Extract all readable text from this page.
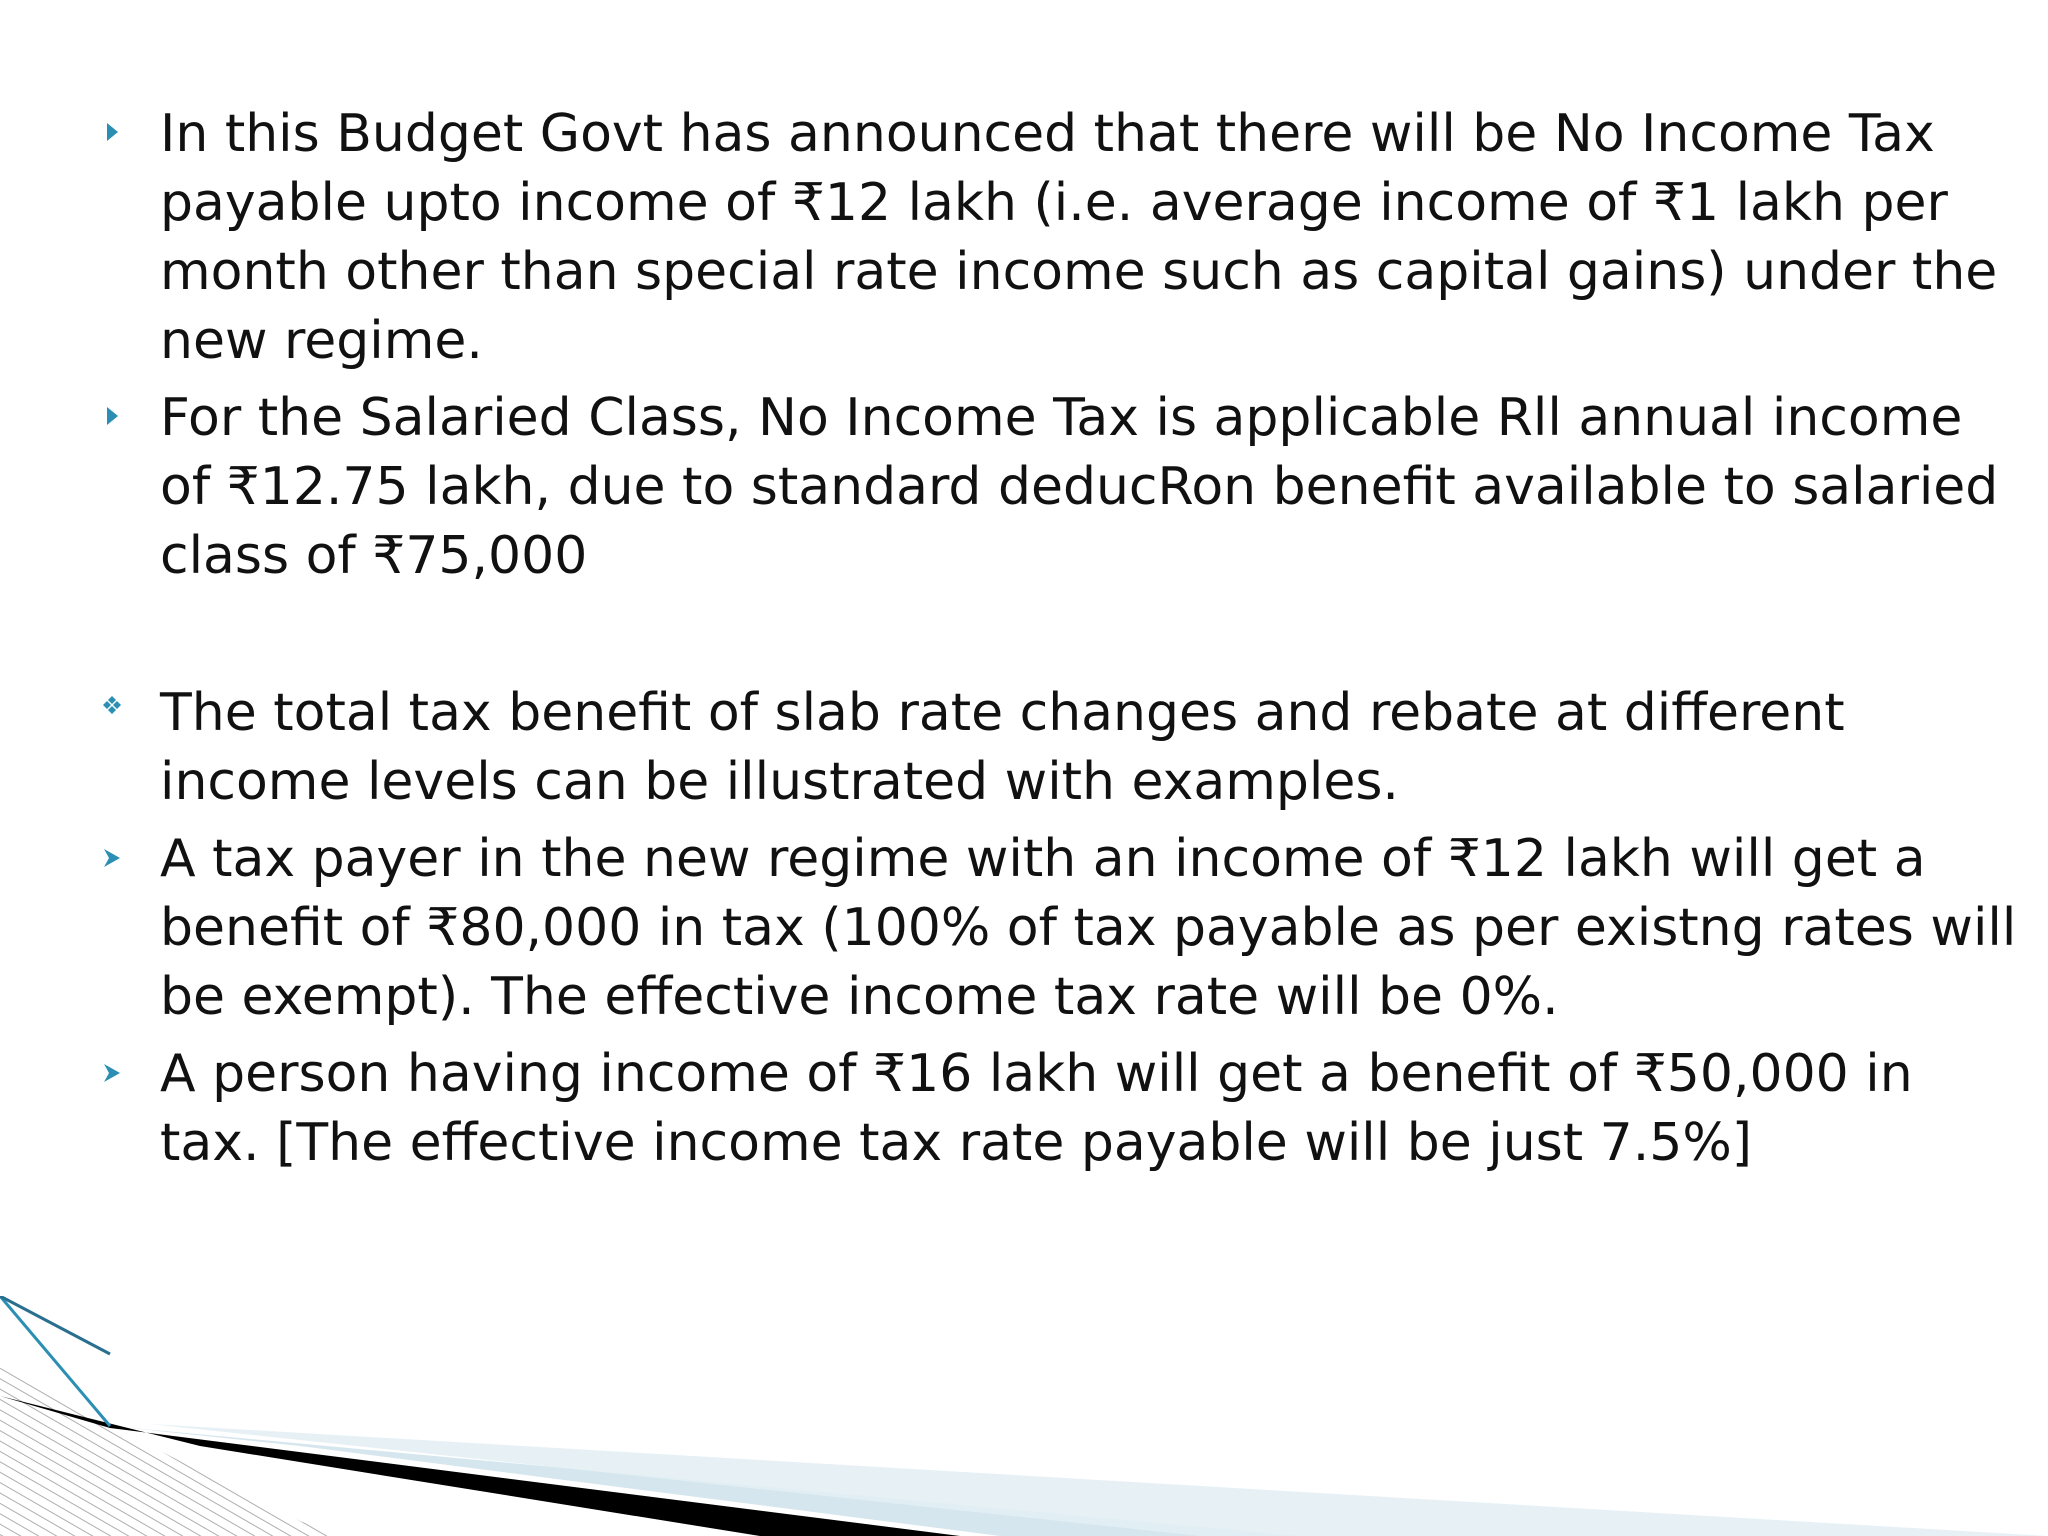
In this Budget Govt has announced that there will be No Income Tax payable upto income of ₹12 lakh (i.e. average income of ₹1 lakh per month other than special rate income such as capital gains) under the new regime.

For the Salaried Class, No Income Tax is applicable Rll annual income of ₹12.75 lakh, due to standard deducRon benefit available to salaried class of ₹75,000

The total tax benefit of slab rate changes and rebate at different income levels can be illustrated with examples.

A tax payer in the new regime with an income of ₹12 lakh will get a benefit of ₹80,000 in tax (100% of tax payable as per existng rates will be exempt). The effective income tax rate will be 0%.

A person having income of ₹16 lakh will get a benefit of ₹50,000 in tax. [The effective income tax rate payable will be just 7.5%]
